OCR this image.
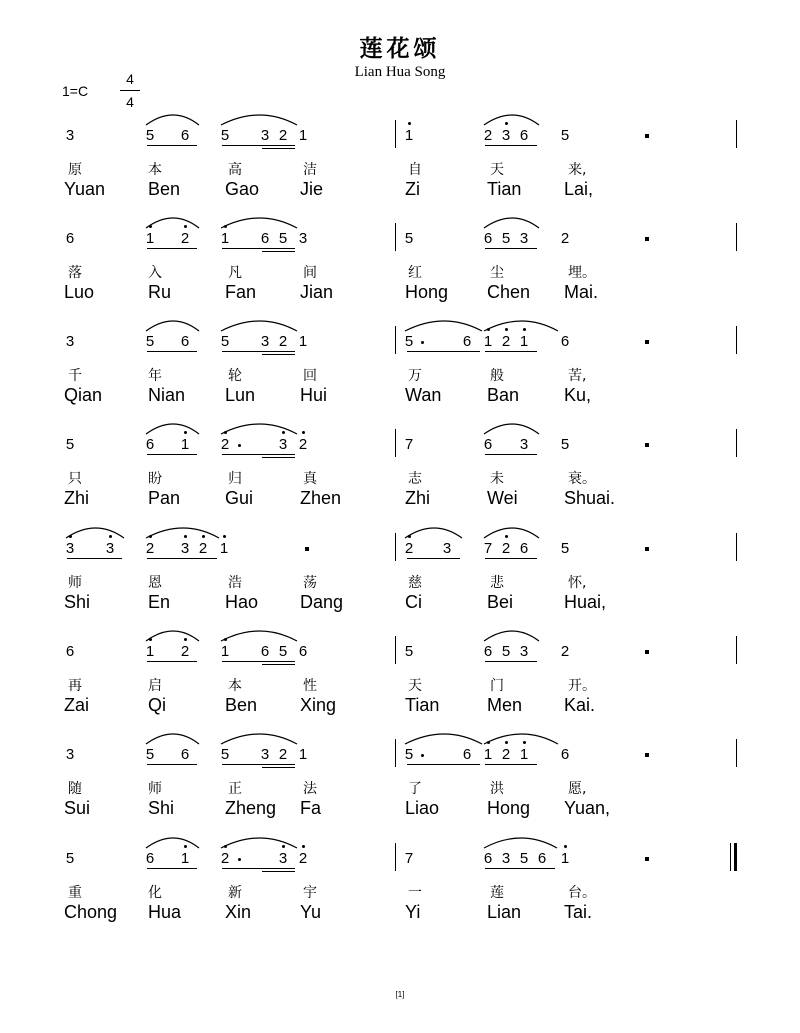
莲花颂
Lian Hua Song
1=C
4
4
3	5 6 5 3 2 1	1	2 3 6 5
原	本	高	洁	自	天	来,
Yuan Ben Gao Jie	Zi	Tian Lai,
6	1 2 1 6 5 3	5	6 5 3 2
落	入	凡	间	红	尘	埋。
Luo	Ru	Fan Jian	Hong Chen Mai.
3	5 6 5 3 2 1	5	6 1 2 1 6
千	年	轮	回	万	般	苦,
Qian	Nian Lun Hui	Wan	Ban Ku,
5	6 1 2	3 2	7	6 3 5
只	盼	归	真	志	未	衰。
Zhi	Pan Gui	Zhen	Zhi	Wei	Shuai.
3 3 2 3 2 1	2 3 7 2 6 5
师	恩	浩	荡	慈	悲	怀,
Shi	En	Hao Dang	Ci	Bei	Huai,
6	1 2 1 6 5 6	5	6 5 3 2
再	启	本	性	天	门	开。
Zai	Qi	Ben Xing	Tian	Men Kai.
3	5 6 5 3 2 1	5	6 1 2 1 6
随	师	正	法	了	洪	愿,
Sui	Shi	Zheng Fa	Liao	Hong Yuan,
5	6 1 2	3 2	7	6 3 5 6 1
重	化	新	宇	一	莲	台。
Chong Hua Xin	Yu	Yi	Lian Tai.
[1]
